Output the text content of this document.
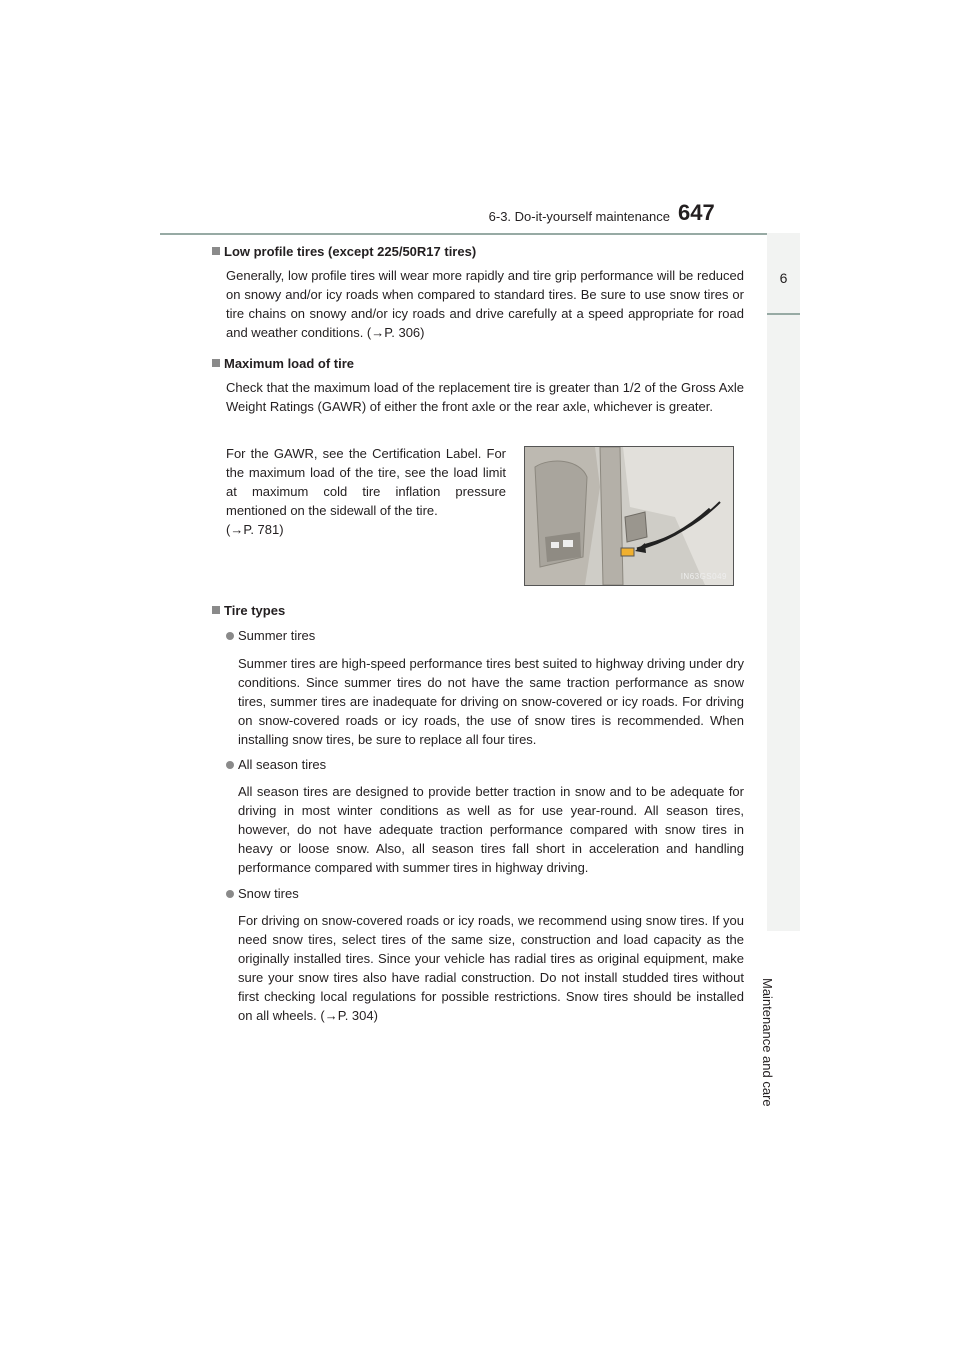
6-3. Do-it-yourself maintenance 647
6
Maintenance and care
Low profile tires (except 225/50R17 tires)
Generally, low profile tires will wear more rapidly and tire grip performance will be reduced on snowy and/or icy roads when compared to standard tires. Be sure to use snow tires or tire chains on snowy and/or icy roads and drive carefully at a speed appropriate for road and weather conditions. (→P. 306)
Maximum load of tire
Check that the maximum load of the replacement tire is greater than 1/2 of the Gross Axle Weight Ratings (GAWR) of either the front axle or the rear axle, whichever is greater.
For the GAWR, see the Certification Label. For the maximum load of the tire, see the load limit at maximum cold tire inflation pressure mentioned on the sidewall of the tire.
(→P. 781)
IN63GS049
Tire types
Summer tires
Summer tires are high-speed performance tires best suited to highway driving under dry conditions. Since summer tires do not have the same traction performance as snow tires, summer tires are inadequate for driving on snow-covered or icy roads. For driving on snow-covered roads or icy roads, the use of snow tires is recommended. When installing snow tires, be sure to replace all four tires.
All season tires
All season tires are designed to provide better traction in snow and to be adequate for driving in most winter conditions as well as for use year-round. All season tires, however, do not have adequate traction performance compared with snow tires in heavy or loose snow. Also, all season tires fall short in acceleration and handling performance compared with summer tires in highway driving.
Snow tires
For driving on snow-covered roads or icy roads, we recommend using snow tires. If you need snow tires, select tires of the same size, construction and load capacity as the originally installed tires. Since your vehicle has radial tires as original equipment, make sure your snow tires also have radial construction. Do not install studded tires without first checking local regulations for possible restrictions. Snow tires should be installed on all wheels. (→P. 304)
